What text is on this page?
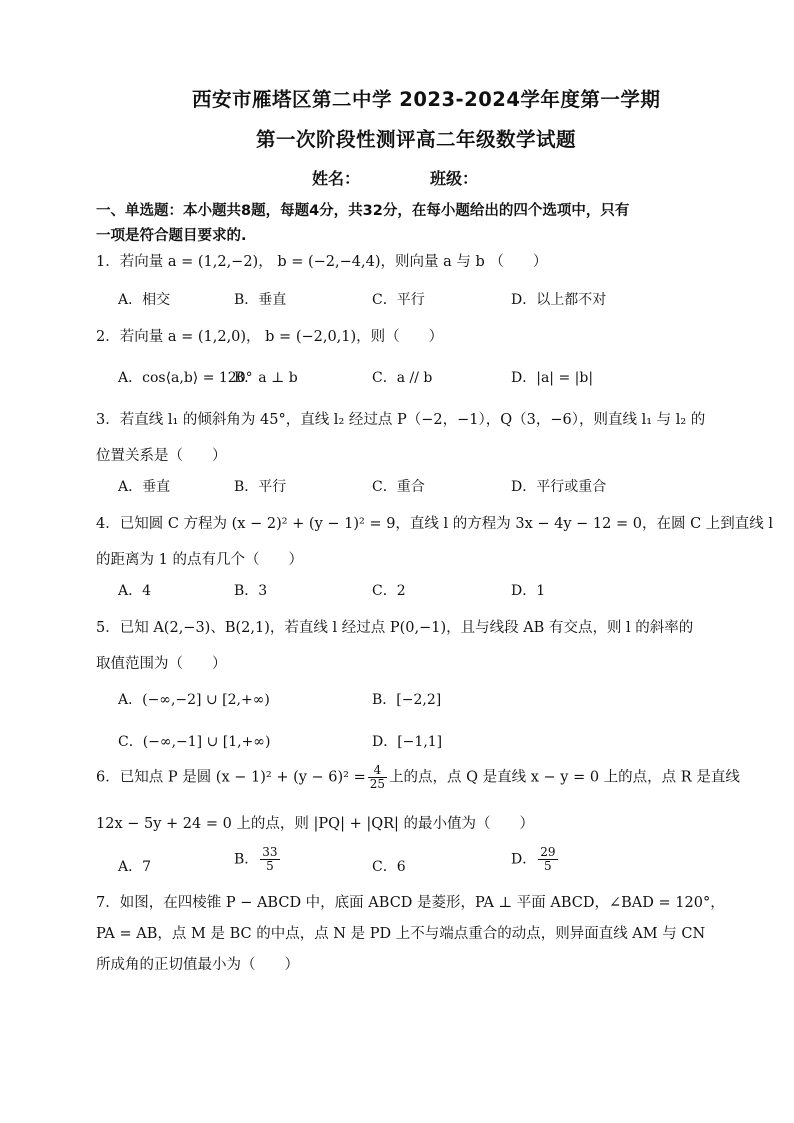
西安市雁塔区第二中学 2023-2024学年度第一学期
第一次阶段性测评高二年级数学试题
姓名：	班级：
一、单选题：本小题共8题，每题4分，共32分，在每小题给出的四个选项中，只有
一项是符合题目要求的.
1．若向量 a = (1,2,−2)， b = (−2,−4,4)，则向量 a 与 b （　　）
A．相交	B．垂直	C．平行	D．以上都不对
2．若向量 a = (1,2,0)， b = (−2,0,1)，则（　　）
A．cos⟨a,b⟩ = 120°
B．a ⊥ b	C．a // b	D．|a| = |b|
3．若直线 l₁ 的倾斜角为 45°，直线 l₂ 经过点 P（−2，−1），Q（3，−6），则直线 l₁ 与 l₂ 的
位置关系是（　　）
A．垂直	B．平行	C．重合	D．平行或重合
4．已知圆 C 方程为 (x − 2)² + (y − 1)² = 9，直线 l 的方程为 3x − 4y − 12 = 0，在圆 C 上到直线 l
的距离为 1 的点有几个（　　）
A．4	B．3	C．2	D．1
5．已知 A(2,−3)、B(2,1)，若直线 l 经过点 P(0,−1)，且与线段 AB 有交点，则 l 的斜率的
取值范围为（　　）
A．(−∞,−2] ∪ [2,+∞)	B．[−2,2]
C．(−∞,−1] ∪ [1,+∞)	D．[−1,1]
6．已知点 P 是圆 $(x - 1)^2 + (y - 6)^2 = \frac{4}{25}$ 上的点，点 Q 是直线 x − y = 0 上的点，点 R 是直线
12x − 5y + 24 = 0 上的点，则 |PQ| + |QR| 的最小值为（　　）
A．7	B． $\frac{33}{5}$	C．6	D． $\frac{29}{5}$
7．如图，在四棱锥 P − ABCD 中，底面 ABCD 是菱形，PA ⊥ 平面 ABCD，∠BAD = 120°，
PA = AB，点 M 是 BC 的中点，点 N 是 PD 上不与端点重合的动点，则异面直线 AM 与 CN
所成角的正切值最小为（　　）
